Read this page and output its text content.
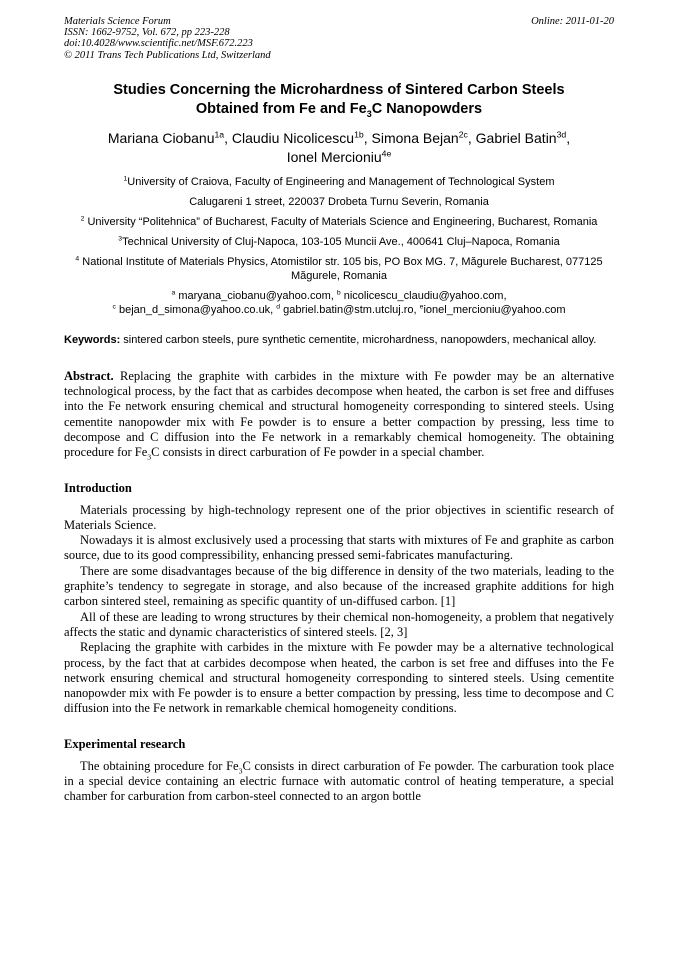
Materials Science Forum
ISSN: 1662-9752, Vol. 672, pp 223-228
doi:10.4028/www.scientific.net/MSF.672.223
© 2011 Trans Tech Publications Ltd, Switzerland
Online: 2011-01-20
Studies Concerning the Microhardness of Sintered Carbon Steels
Obtained from Fe and $Fe_3C$ Nanopowders
Mariana Ciobanu$^{1a}$, Claudiu Nicolicescu$^{1b}$, Simona Bejan$^{2c}$, Gabriel Batin$^{3d}$,
Ionel Mercioniu$^{4e}$
$^1$University of Craiova, Faculty of Engineering and Management of Technological System
Calugareni 1 street, 220037 Drobeta Turnu Severin, Romania
$^2$ University “Politehnica” of Bucharest, Faculty of Materials Science and Engineering, Bucharest, Romania
$^3$Technical University of Cluj-Napoca, 103-105 Muncii Ave., 400641 Cluj–Napoca, Romania
$^4$ National Institute of Materials Physics, Atomistilor str. 105 bis, PO Box MG. 7, Măgurele Bucharest, 077125 Măgurele, Romania
$^a$ maryana_ciobanu@yahoo.com, $^b$ nicolicescu_claudiu@yahoo.com,
$^c$ bejan_d_simona@yahoo.co.uk, $^d$ gabriel.batin@stm.utcluj.ro, $^e$ionel_mercioniu@yahoo.com
Keywords: sintered carbon steels, pure synthetic cementite, microhardness, nanopowders, mechanical alloy.
Abstract. Replacing the graphite with carbides in the mixture with Fe powder may be an alternative technological process, by the fact that as carbides decompose when heated, the carbon is set free and diffuses into the Fe network ensuring chemical and structural homogeneity corresponding to sintered steels. Using cementite nanopowder mix with Fe powder is to ensure a better compaction by pressing, less time to decompose and C diffusion into the Fe network in a remarkably chemical homogeneity. The obtaining procedure for $Fe_3C$ consists in direct carburation of Fe powder in a special chamber.
Introduction

Materials processing by high-technology represent one of the prior objectives in scientific research of Materials Science.

Nowadays it is almost exclusively used a processing that starts with mixtures of Fe and graphite as carbon source, due to its good compressibility, enhancing pressed semi-fabricates manufacturing.

There are some disadvantages because of the big difference in density of the two materials, leading to the graphite’s tendency to segregate in storage, and also because of the increased graphite additions for high carbon sintered steel, remaining as specific quantity of un-diffused carbon. [1]

All of these are leading to wrong structures by their chemical non-homogeneity, a problem that negatively affects the static and dynamic characteristics of sintered steels. [2, 3]

Replacing the graphite with carbides in the mixture with Fe powder may be a alternative technological process, by the fact that at carbides decompose when heated, the carbon is set free and diffuses into the Fe network ensuring chemical and structural homogeneity corresponding to sintered steels. Using cementite nanopowder mix with Fe powder is to ensure a better compaction by pressing, less time to decompose and C diffusion into the Fe network in remarkable chemical homogeneity conditions.

Experimental research

The obtaining procedure for $Fe_3C$ consists in direct carburation of Fe powder. The carburation took place in a special device containing an electric furnace with automatic control of heating temperature, a special chamber for carburation from carbon-steel connected to an argon bottle
